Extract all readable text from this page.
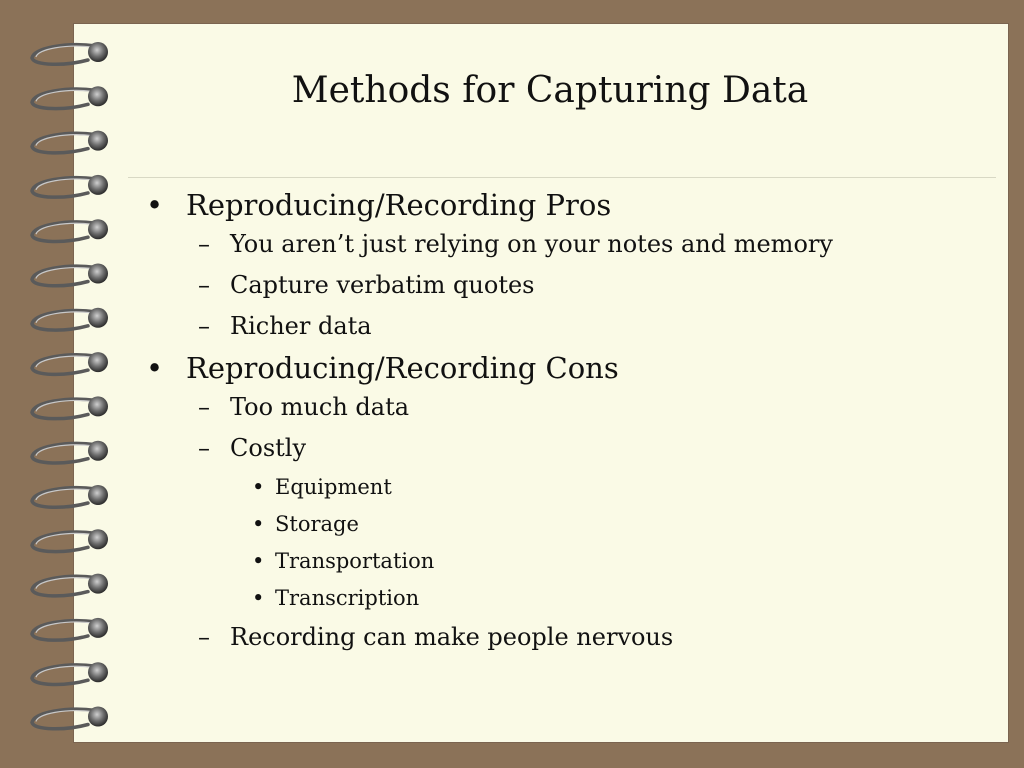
Methods for Capturing Data
• Reproducing/Recording Pros
– You aren’t just relying on your notes and memory
– Capture verbatim quotes
– Richer data
• Reproducing/Recording Cons
– Too much data
– Costly
• Equipment
• Storage
• Transportation
• Transcription
– Recording can make people nervous
